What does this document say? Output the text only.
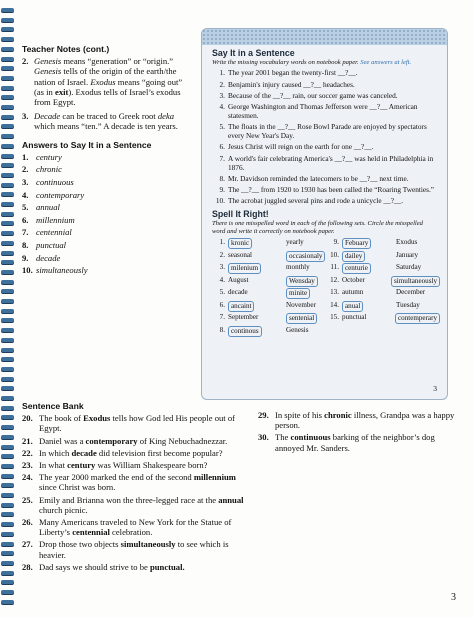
Teacher Notes (cont.)
2. Genesis means “generation” or “origin.” Genesis tells of the origin of the earth/the nation of Israel. Exodus means “going out” (as in exit). Exodus tells of Israel’s exodus from Egypt.
3. Decade can be traced to Greek root deka which means “ten.” A decade is ten years.
Answers to Say It in a Sentence
1. century
2. chronic
3. continuous
4. contemporary
5. annual
6. millennium
7. centennial
8. punctual
9. decade
10. simultaneously
Say It in a Sentence
Write the missing vocabulary words on notebook paper. See answers at left.
1. The year 2001 began the twenty-first __?__.
2. Benjamin's injury caused __?__ headaches.
3. Because of the __?__ rain, our soccer game was canceled.
4. George Washington and Thomas Jefferson were __?__ American statesmen.
5. The floats in the __?__ Rose Bowl Parade are enjoyed by spectators every New Year's Day.
6. Jesus Christ will reign on the earth for one __?__.
7. A world's fair celebrating America's __?__ was held in Philadelphia in 1876.
8. Mr. Davidson reminded the latecomers to be __?__ next time.
9. The __?__ from 1920 to 1930 has been called the “Roaring Twenties.”
10. The acrobat juggled several pins and rode a unicycle __?__.
Spell It Right!
There is one misspelled word in each of the following sets. Circle the misspelled word and write it correctly on notebook paper.
1. kronic	yearly	9. Febuary	Exodus
2. seasonal	occasionaly	10. dailey	January
3. milenium	monthly	11. centurie	Saturday
4. August	Wensday	12. October	simultaneously
5. decade	minite	13. autumn	December
6. ancaint	November	14. anual	Tuesday
7. September	sentenial	15. punctual	contemperary
8. continous	Genesis
3
Sentence Bank
20. The book of Exodus tells how God led His people out of Egypt.
21. Daniel was a contemporary of King Nebuchadnezzar.
22. In which decade did television first become popular?
23. In what century was William Shakespeare born?
24. The year 2000 marked the end of the second millennium since Christ was born.
25. Emily and Brianna won the three-legged race at the annual church picnic.
26. Many Americans traveled to New York for the Statue of Liberty’s centennial celebration.
27. Drop those two objects simultaneously to see which is heavier.
28. Dad says we should strive to be punctual.
29. In spite of his chronic illness, Grandpa was a happy person.
30. The continuous barking of the neighbor’s dog annoyed Mr. Sanders.
3
